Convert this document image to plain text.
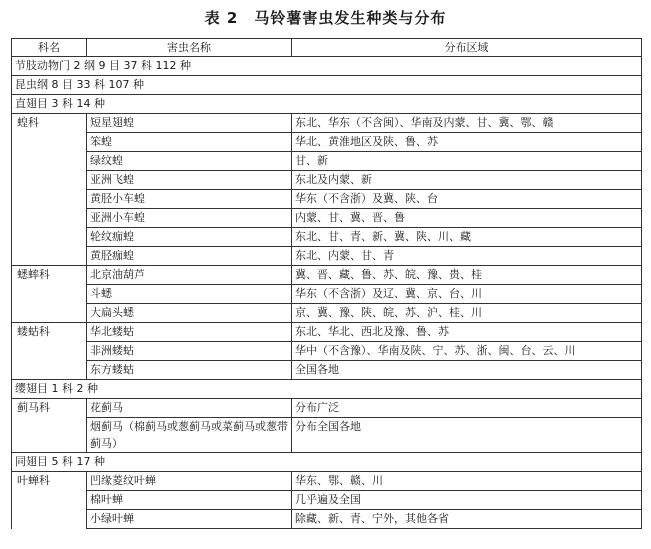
表 2　马铃薯害虫发生种类与分布
科名	害虫名称	分布区域
节肢动物门 2 纲 9 目 37 科 112 种		
昆虫纲 8 目 33 科 107 种		
直翅目 3 科 14 种		
蝗科	短星翅蝗	东北、华东（不含闽）、华南及内蒙、甘、冀、鄂、赣
	笨蝗	华北、黄淮地区及陕、鲁、苏
	绿纹蝗	甘、新
	亚洲飞蝗	东北及内蒙、新
	黄胫小车蝗	华东（不含浙）及冀、陕、台
	亚洲小车蝗	内蒙、甘、冀、晋、鲁
	轮纹痂蝗	东北、甘、青、新、冀、陕、川、藏
	黄胫痂蝗	东北、内蒙、甘、青
蟋蟀科	北京油葫芦	冀、晋、藏、鲁、苏、皖、豫、贵、桂
	斗蟋	华东（不含浙）及辽、冀、京、台、川
	大扁头蟋	京、冀、豫、陕、皖、苏、沪、桂、川
蝼蛄科	华北蝼蛄	东北、华北、西北及豫、鲁、苏
	非洲蝼蛄	华中（不含豫）、华南及陕、宁、苏、浙、闽、台、云、川
	东方蝼蛄	全国各地
缨翅目 1 科 2 种		
蓟马科	花蓟马	分布广泛
	烟蓟马（棉蓟马或葱蓟马或菜蓟马或葱带蓟马）	分布全国各地
同翅目 5 科 17 种		
叶蝉科	凹缘菱纹叶蝉	华东、鄂、赣、川
	棉叶蝉	几乎遍及全国
	小绿叶蝉	除藏、新、青、宁外，其他各省
